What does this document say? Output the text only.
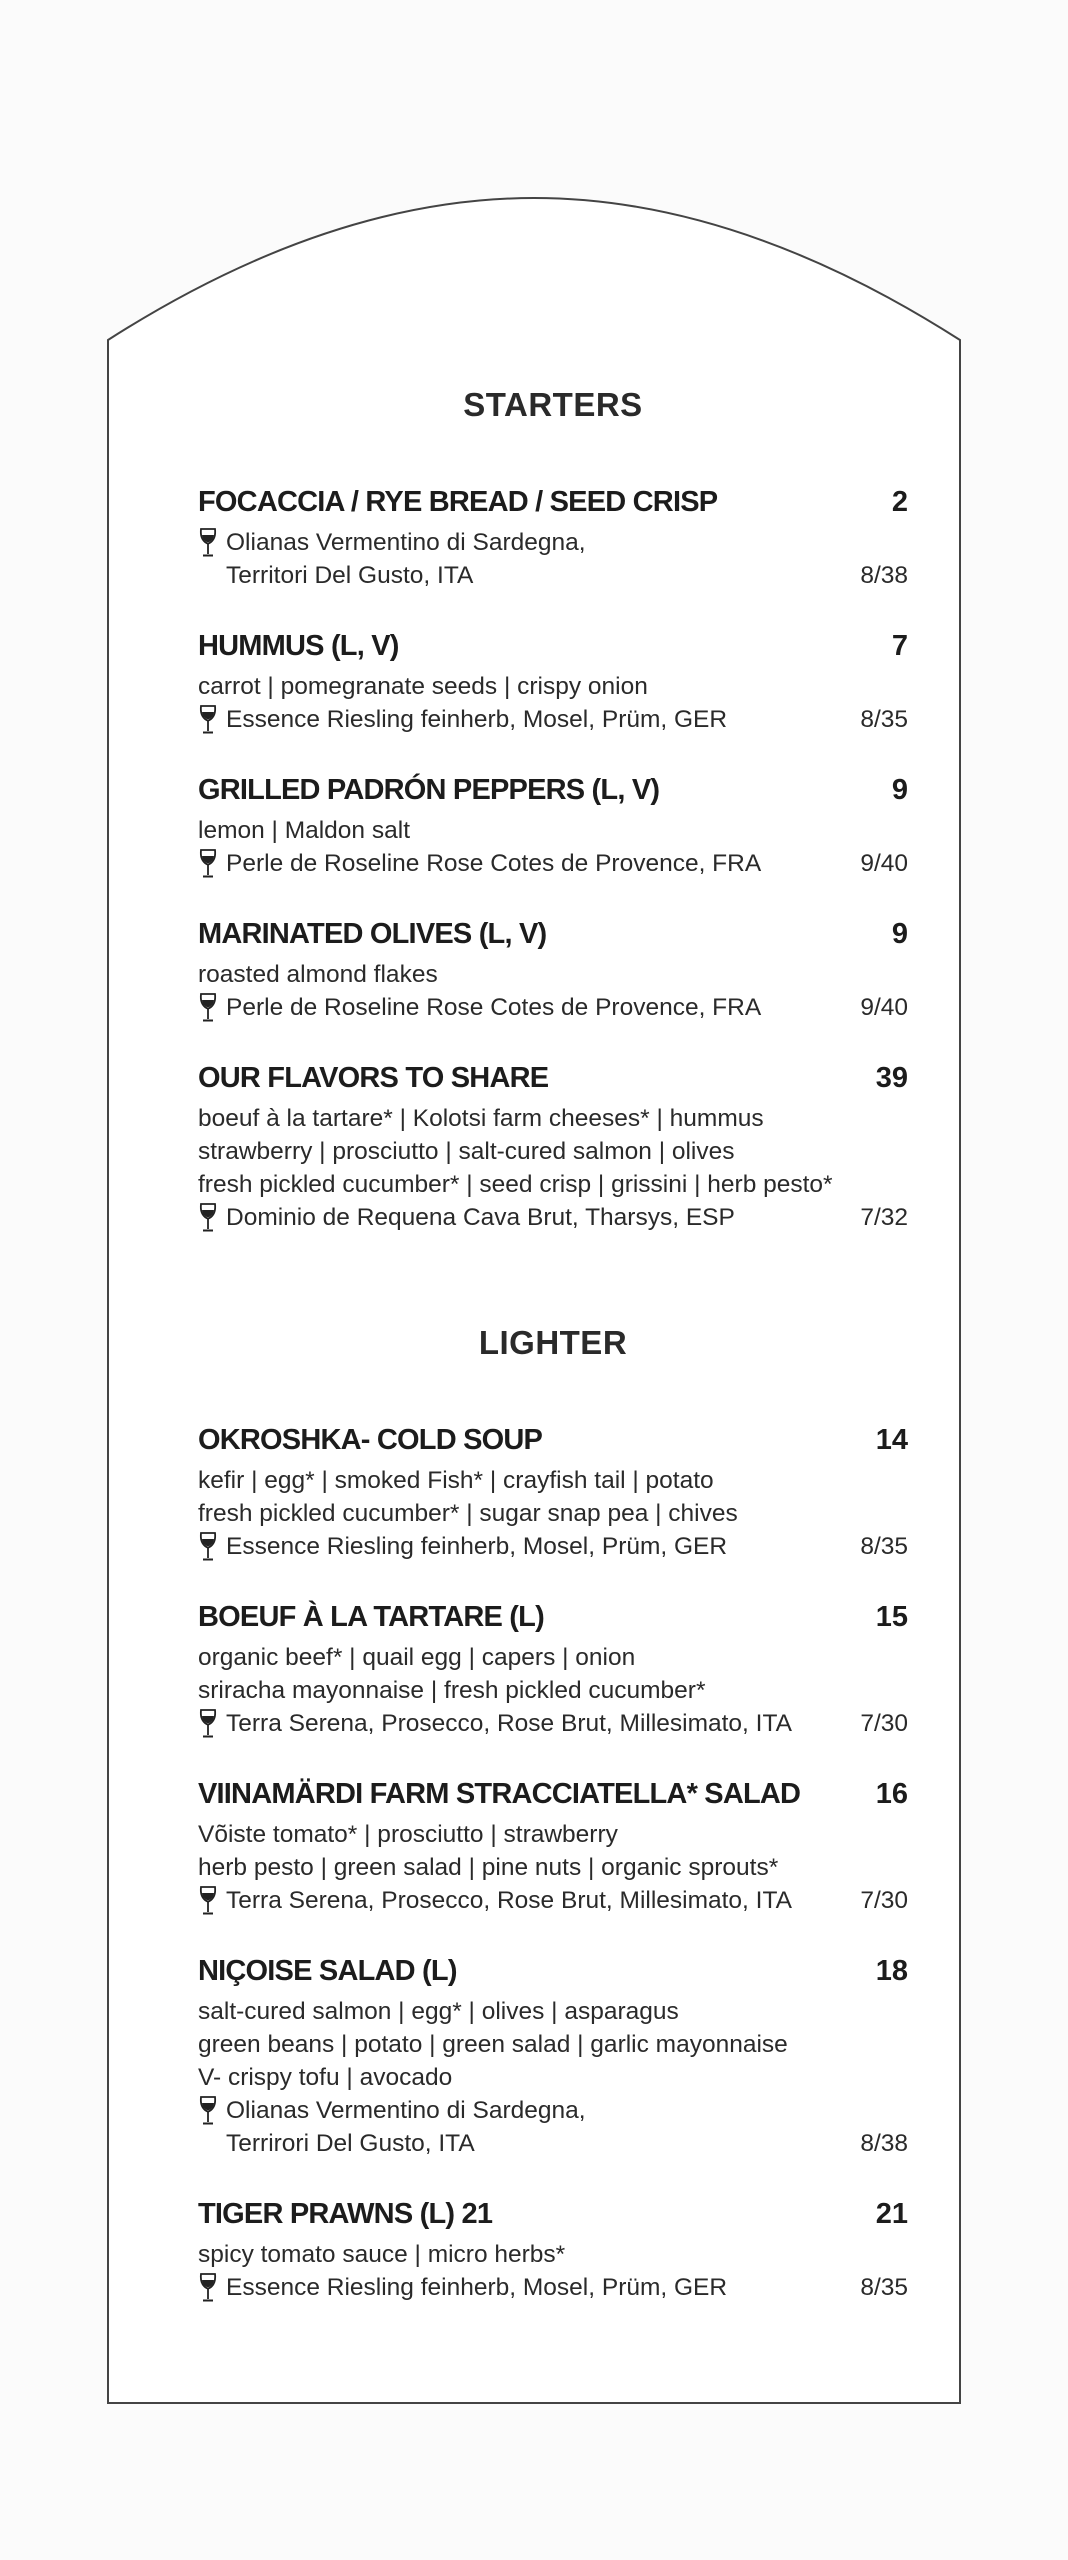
STARTERS
FOCACCIA / RYE BREAD / SEED CRISP	2
Olianas Vermentino di Sardegna,
Territori Del Gusto, ITA	8/38
HUMMUS (L, V)	7
carrot | pomegranate seeds | crispy onion
Essence Riesling feinherb, Mosel, Prüm, GER	8/35
GRILLED PADRÓN PEPPERS (L, V)	9
lemon | Maldon salt
Perle de Roseline Rose Cotes de Provence, FRA	9/40
MARINATED OLIVES (L, V)	9
roasted almond flakes
Perle de Roseline Rose Cotes de Provence, FRA	9/40
OUR FLAVORS TO SHARE	39
boeuf à la tartare* | Kolotsi farm cheeses* | hummus
strawberry | prosciutto | salt-cured salmon | olives
fresh pickled cucumber* | seed crisp | grissini | herb pesto*
Dominio de Requena Cava Brut, Tharsys, ESP	7/32
LIGHTER
OKROSHKA- COLD SOUP	14
kefir | egg* | smoked Fish* | crayfish tail | potato
fresh pickled cucumber* | sugar snap pea | chives
Essence Riesling feinherb, Mosel, Prüm, GER	8/35
BOEUF À LA TARTARE (L)	15
organic beef* | quail egg | capers | onion
sriracha mayonnaise | fresh pickled cucumber*
Terra Serena, Prosecco, Rose Brut, Millesimato, ITA	7/30
VIINAMÄRDI FARM STRACCIATELLA* SALAD	16
Võiste tomato* | prosciutto | strawberry
herb pesto | green salad | pine nuts | organic sprouts*
Terra Serena, Prosecco, Rose Brut, Millesimato, ITA	7/30
NIÇOISE SALAD (L)	18
salt-cured salmon | egg* | olives | asparagus
green beans | potato | green salad | garlic mayonnaise
V- crispy tofu | avocado
Olianas Vermentino di Sardegna,
Terrirori Del Gusto, ITA	8/38
TIGER PRAWNS (L) 21	21
spicy tomato sauce | micro herbs*
Essence Riesling feinherb, Mosel, Prüm, GER	8/35
